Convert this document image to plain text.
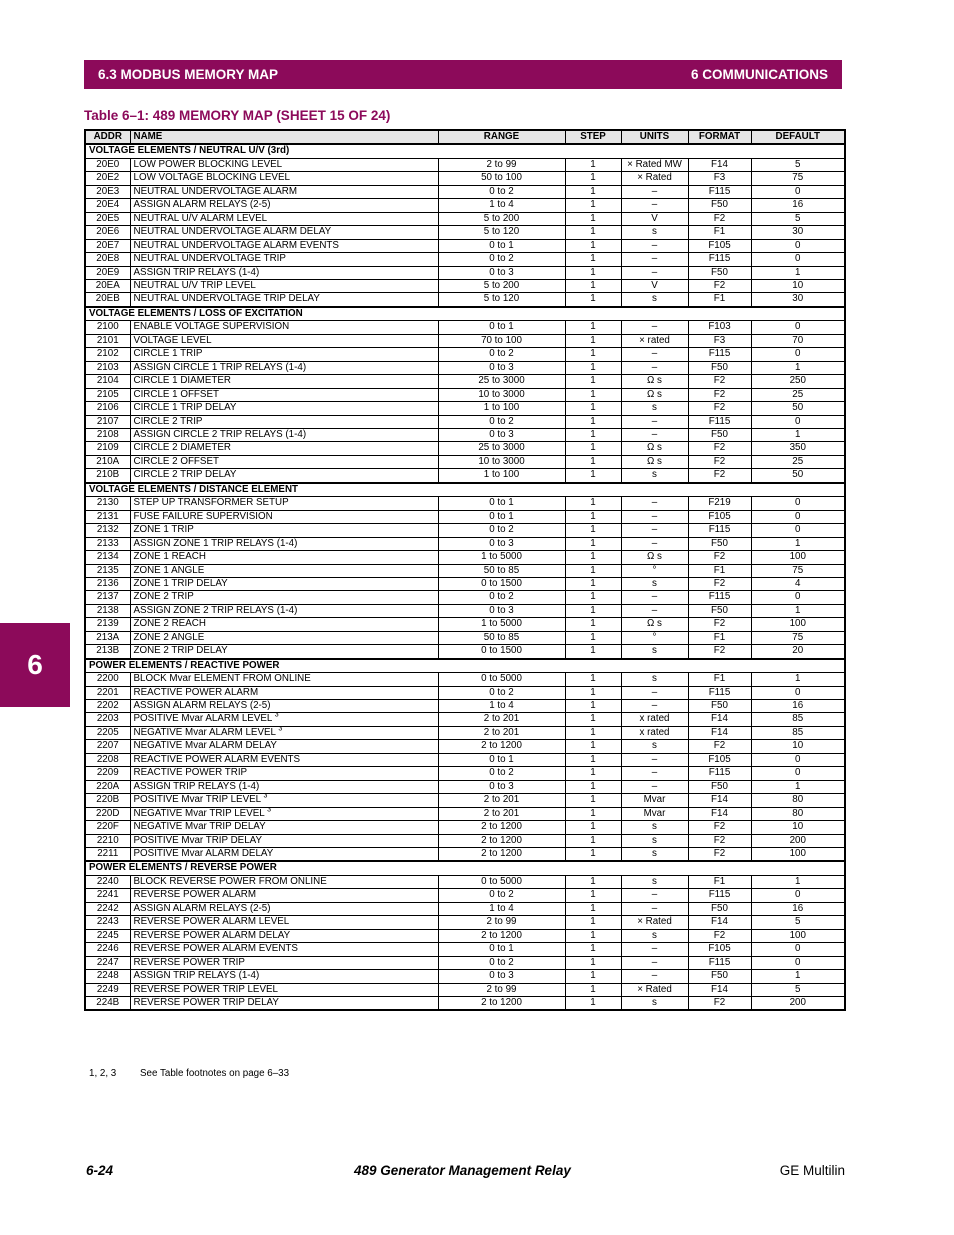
6.3 MODBUS MEMORY MAP	6 COMMUNICATIONS
Table 6–1: 489 MEMORY MAP (SHEET 15 OF 24)
6
ADDR	NAME	RANGE	STEP	UNITS	FORMAT	DEFAULT
VOLTAGE ELEMENTS / NEUTRAL U/V (3rd)						
20E0	LOW POWER BLOCKING LEVEL	2 to 99	1	× Rated MW	F14	5
20E2	LOW VOLTAGE BLOCKING LEVEL	50 to 100	1	× Rated	F3	75
20E3	NEUTRAL UNDERVOLTAGE ALARM	0 to 2	1	–	F115	0
20E4	ASSIGN ALARM RELAYS (2-5)	1 to 4	1	–	F50	16
20E5	NEUTRAL U/V ALARM LEVEL	5 to 200	1	V	F2	5
20E6	NEUTRAL UNDERVOLTAGE ALARM DELAY	5 to 120	1	s	F1	30
20E7	NEUTRAL UNDERVOLTAGE ALARM EVENTS	0 to 1	1	–	F105	0
20E8	NEUTRAL UNDERVOLTAGE TRIP	0 to 2	1	–	F115	0
20E9	ASSIGN TRIP RELAYS (1-4)	0 to 3	1	–	F50	1
20EA	NEUTRAL U/V TRIP LEVEL	5 to 200	1	V	F2	10
20EB	NEUTRAL UNDERVOLTAGE TRIP DELAY	5 to 120	1	s	F1	30
VOLTAGE ELEMENTS / LOSS OF EXCITATION						
2100	ENABLE VOLTAGE SUPERVISION	0 to 1	1	–	F103	0
2101	VOLTAGE LEVEL	70 to 100	1	× rated	F3	70
2102	CIRCLE 1 TRIP	0 to 2	1	–	F115	0
2103	ASSIGN CIRCLE 1 TRIP RELAYS (1-4)	0 to 3	1	–	F50	1
2104	CIRCLE 1 DIAMETER	25 to 3000	1	Ω s	F2	250
2105	CIRCLE 1 OFFSET	10 to 3000	1	Ω s	F2	25
2106	CIRCLE 1 TRIP DELAY	1 to 100	1	s	F2	50
2107	CIRCLE 2 TRIP	0 to 2	1	–	F115	0
2108	ASSIGN CIRCLE 2 TRIP RELAYS (1-4)	0 to 3	1	–	F50	1
2109	CIRCLE 2 DIAMETER	25 to 3000	1	Ω s	F2	350
210A	CIRCLE 2 OFFSET	10 to 3000	1	Ω s	F2	25
210B	CIRCLE 2 TRIP DELAY	1 to 100	1	s	F2	50
VOLTAGE ELEMENTS / DISTANCE ELEMENT						
2130	STEP UP TRANSFORMER SETUP	0 to 1	1	–	F219	0
2131	FUSE FAILURE SUPERVISION	0 to 1	1	–	F105	0
2132	ZONE 1 TRIP	0 to 2	1	–	F115	0
2133	ASSIGN ZONE 1 TRIP RELAYS (1-4)	0 to 3	1	–	F50	1
2134	ZONE 1 REACH	1 to 5000	1	Ω s	F2	100
2135	ZONE 1 ANGLE	50 to 85	1	°	F1	75
2136	ZONE 1 TRIP DELAY	0 to 1500	1	s	F2	4
2137	ZONE 2 TRIP	0 to 2	1	–	F115	0
2138	ASSIGN ZONE 2 TRIP RELAYS (1-4)	0 to 3	1	–	F50	1
2139	ZONE 2 REACH	1 to 5000	1	Ω s	F2	100
213A	ZONE 2 ANGLE	50 to 85	1	°	F1	75
213B	ZONE 2 TRIP DELAY	0 to 1500	1	s	F2	20
POWER ELEMENTS / REACTIVE POWER						
2200	BLOCK Mvar ELEMENT FROM ONLINE	0 to 5000	1	s	F1	1
2201	REACTIVE POWER ALARM	0 to 2	1	–	F115	0
2202	ASSIGN ALARM RELAYS (2-5)	1 to 4	1	–	F50	16
2203	POSITIVE Mvar ALARM LEVEL $^3$	2 to 201	1	x rated	F14	85
2205	NEGATIVE Mvar ALARM LEVEL $^3$	2 to 201	1	x rated	F14	85
2207	NEGATIVE Mvar ALARM DELAY	2 to 1200	1	s	F2	10
2208	REACTIVE POWER ALARM EVENTS	0 to 1	1	–	F105	0
2209	REACTIVE POWER TRIP	0 to 2	1	–	F115	0
220A	ASSIGN TRIP RELAYS (1-4)	0 to 3	1	–	F50	1
220B	POSITIVE Mvar TRIP LEVEL $^3$	2 to 201	1	Mvar	F14	80
220D	NEGATIVE Mvar TRIP LEVEL $^3$	2 to 201	1	Mvar	F14	80
220F	NEGATIVE Mvar TRIP DELAY	2 to 1200	1	s	F2	10
2210	POSITIVE Mvar TRIP DELAY	2 to 1200	1	s	F2	200
2211	POSITIVE Mvar ALARM DELAY	2 to 1200	1	s	F2	100
POWER ELEMENTS / REVERSE POWER						
2240	BLOCK REVERSE POWER FROM ONLINE	0 to 5000	1	s	F1	1
2241	REVERSE POWER ALARM	0 to 2	1	–	F115	0
2242	ASSIGN ALARM RELAYS (2-5)	1 to 4	1	–	F50	16
2243	REVERSE POWER ALARM LEVEL	2 to 99	1	× Rated	F14	5
2245	REVERSE POWER ALARM DELAY	2 to 1200	1	s	F2	100
2246	REVERSE POWER ALARM EVENTS	0 to 1	1	–	F105	0
2247	REVERSE POWER TRIP	0 to 2	1	–	F115	0
2248	ASSIGN TRIP RELAYS (1-4)	0 to 3	1	–	F50	1
2249	REVERSE POWER TRIP LEVEL	2 to 99	1	× Rated	F14	5
224B	REVERSE POWER TRIP DELAY	2 to 1200	1	s	F2	200
1, 2, 3 See Table footnotes on page 6–33
6-24	489 Generator Management Relay	GE Multilin
